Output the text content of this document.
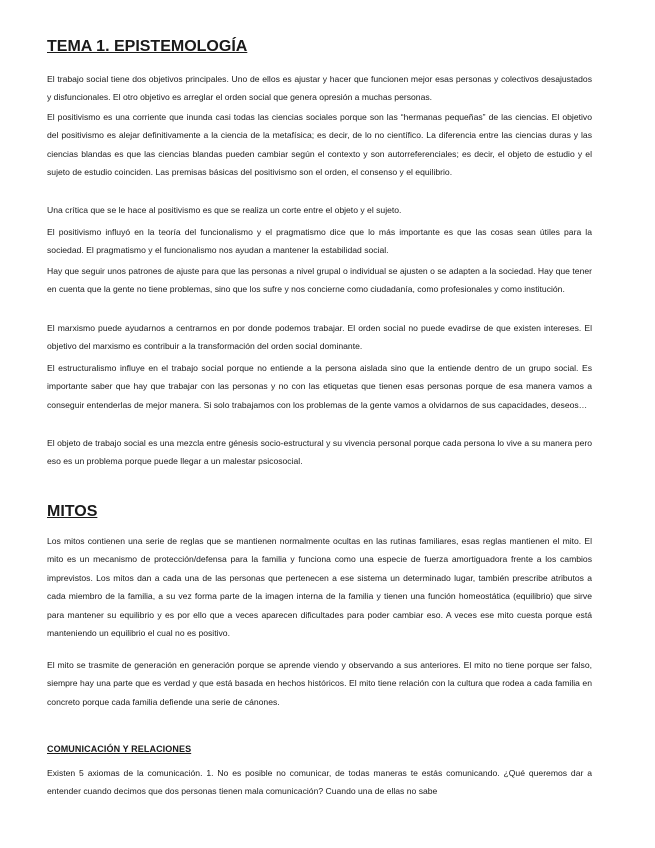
TEMA 1. EPISTEMOLOGÍA

El trabajo social tiene dos objetivos principales. Uno de ellos es ajustar y hacer que funcionen mejor esas personas y colectivos desajustados y disfuncionales. El otro objetivo es arreglar el orden social que genera opresión a muchas personas.

El positivismo es una corriente que inunda casi todas las ciencias sociales porque son las “hermanas pequeñas” de las ciencias. El objetivo del positivismo es alejar definitivamente a la ciencia de la metafísica; es decir, de lo no científico. La diferencia entre las ciencias duras y las ciencias blandas es que las ciencias blandas pueden cambiar según el contexto y son autorreferenciales; es decir, el objeto de estudio y el sujeto de estudio coinciden. Las premisas básicas del positivismo son el orden, el consenso y el equilibrio.

Una crítica que se le hace al positivismo es que se realiza un corte entre el objeto y el sujeto.

El positivismo influyó en la teoría del funcionalismo y el pragmatismo dice que lo más importante es que las cosas sean útiles para la sociedad. El pragmatismo y el funcionalismo nos ayudan a mantener la estabilidad social.

Hay que seguir unos patrones de ajuste para que las personas a nivel grupal o individual se ajusten o se adapten a la sociedad. Hay que tener en cuenta que la gente no tiene problemas, sino que los sufre y nos concierne como ciudadanía, como profesionales y como institución.

El marxismo puede ayudarnos a centrarnos en por donde podemos trabajar. El orden social no puede evadirse de que existen intereses. El objetivo del marxismo es contribuir a la transformación del orden social dominante.

El estructuralismo influye en el trabajo social porque no entiende a la persona aislada sino que la entiende dentro de un grupo social. Es importante saber que hay que trabajar con las personas y no con las etiquetas que tienen esas personas porque de esa manera vamos a conseguir entenderlas de mejor manera. Si solo trabajamos con los problemas de la gente vamos a olvidarnos de sus capacidades, deseos…

El objeto de trabajo social es una mezcla entre génesis socio-estructural y su vivencia personal porque cada persona lo vive a su manera pero eso es un problema porque puede llegar a un malestar psicosocial.

MITOS

Los mitos contienen una serie de reglas que se mantienen normalmente ocultas en las rutinas familiares, esas reglas mantienen el mito. El mito es un mecanismo de protección/defensa para la familia y funciona como una especie de fuerza amortiguadora frente a los cambios imprevistos. Los mitos dan a cada una de las personas que pertenecen a ese sistema un determinado lugar, también prescribe atributos a cada miembro de la familia, a su vez forma parte de la imagen interna de la familia y tienen una función homeostática (equilibrio) que sirve para mantener su equilibrio y es por ello que a veces aparecen dificultades para poder cambiar eso. A veces ese mito cuesta porque está manteniendo un equilibrio el cual no es positivo.

El mito se trasmite de generación en generación porque se aprende viendo y observando a sus anteriores. El mito no tiene porque ser falso, siempre hay una parte que es verdad y que está basada en hechos históricos. El mito tiene relación con la cultura que rodea a cada familia en concreto porque cada familia defiende una serie de cánones.

COMUNICACIÓN Y RELACIONES

Existen 5 axiomas de la comunicación. 1. No es posible no comunicar, de todas maneras te estás comunicando. ¿Qué queremos dar a entender cuando decimos que dos personas tienen mala comunicación? Cuando una de ellas no sabe
